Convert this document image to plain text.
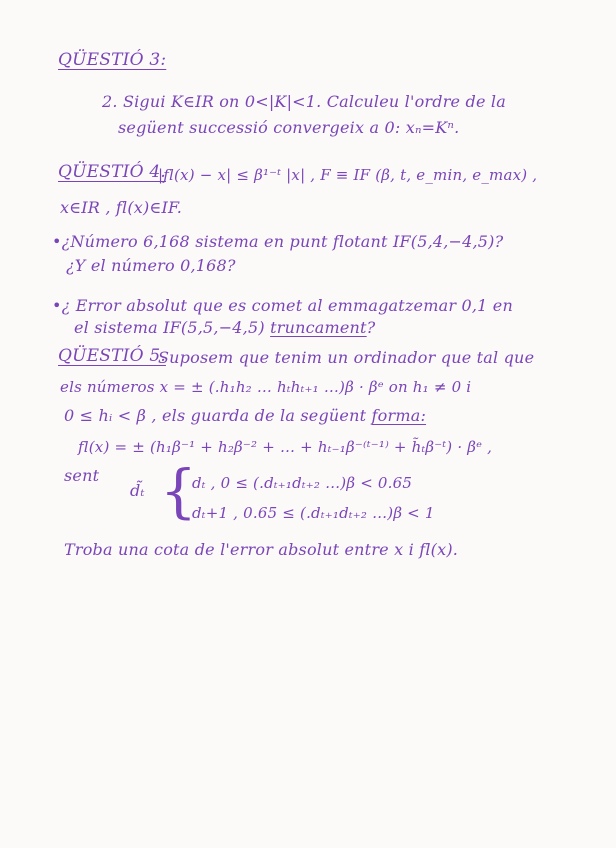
QÜESTIÓ 3:
2. Sigui K∈IR on 0<|K|<1. Calculeu l'ordre de la
següent successió convergeix a 0: xₙ=Kⁿ.
QÜESTIÓ 4.
|fl(x) − x| ≤ β¹⁻ᵗ |x| , F ≡ IF (β, t, e_min, e_max) ,
x∈IR , fl(x)∈IF.
•¿Número 6,168 sistema en punt flotant IF(5,4,−4,5)?
¿Y el número 0,168?
•¿ Error absolut que es comet al emmagatzemar 0,1 en
el sistema IF(5,5,−4,5) truncament?
QÜESTIÓ 5.
Suposem que tenim un ordinador que tal que
els números x = ± (.h₁h₂ … hₜhₜ₊₁ …)β · βᵉ on h₁ ≠ 0 i
0 ≤ hᵢ < β , els guarda de la següent forma:
fl(x) = ± (h₁β⁻¹ + h₂β⁻² + … + hₜ₋₁β⁻⁽ᵗ⁻¹⁾ + h̃ₜβ⁻ᵗ) · βᵉ ,
sent
d̃ₜ {
dₜ , 0 ≤ (.dₜ₊₁dₜ₊₂ …)β < 0.65
dₜ+1 , 0.65 ≤ (.dₜ₊₁dₜ₊₂ …)β < 1
Troba una cota de l'error absolut entre x i fl(x).
